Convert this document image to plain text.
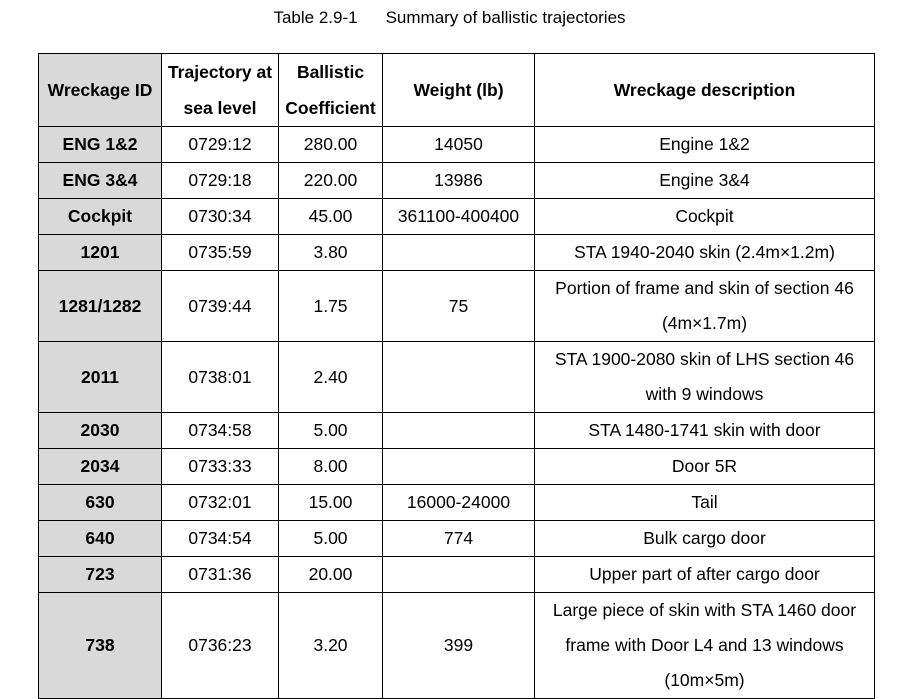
Table 2.9-1 Summary of ballistic trajectories
Wreckage ID	Trajectory at sea level	Ballistic Coefficient	Weight (lb)	Wreckage description
ENG 1&2	0729:12	280.00	14050	Engine 1&2
ENG 3&4	0729:18	220.00	13986	Engine 3&4
Cockpit	0730:34	45.00	361100-400400	Cockpit
1201	0735:59	3.80		STA 1940-2040 skin (2.4m×1.2m)
1281/1282	0739:44	1.75	75	Portion of frame and skin of section 46 (4m×1.7m)
2011	0738:01	2.40		STA 1900-2080 skin of LHS section 46 with 9 windows
2030	0734:58	5.00		STA 1480-1741 skin with door
2034	0733:33	8.00		Door 5R
630	0732:01	15.00	16000-24000	Tail
640	0734:54	5.00	774	Bulk cargo door
723	0731:36	20.00		Upper part of after cargo door
738	0736:23	3.20	399	Large piece of skin with STA 1460 door frame with Door L4 and 13 windows (10m×5m)
